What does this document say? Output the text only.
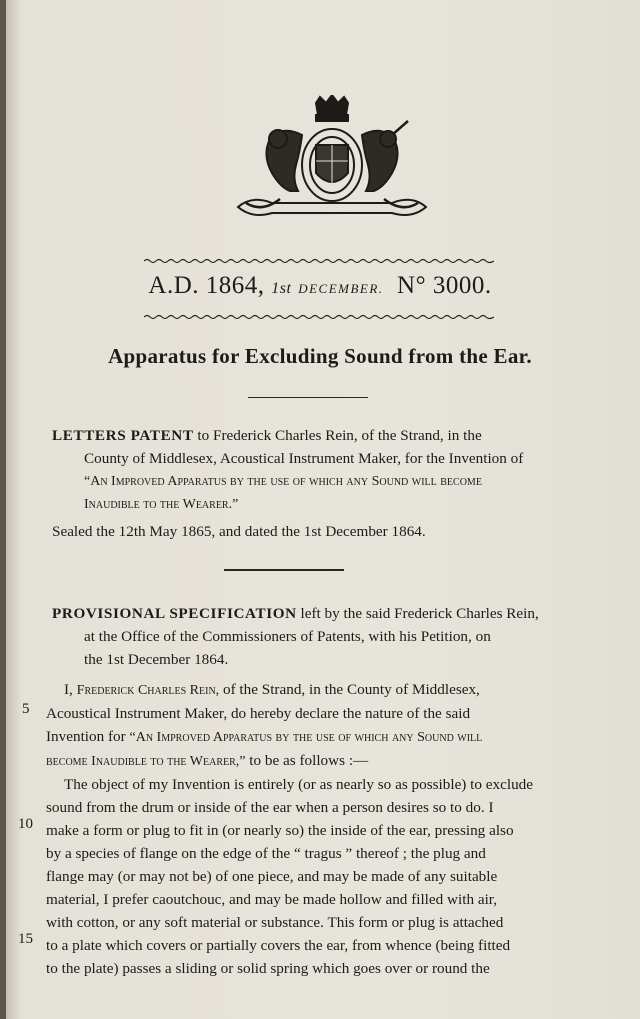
A.D. 1864, 1st DECEMBER. N° 3000.
Apparatus for Excluding Sound from the Ear.
LETTERS PATENT to Frederick Charles Rein, of the Strand, in the
County of Middlesex, Acoustical Instrument Maker, for the Invention of
“An Improved Apparatus by the use of which any Sound will become
Inaudible to the Wearer.”
Sealed the 12th May 1865, and dated the 1st December 1864.
PROVISIONAL SPECIFICATION left by the said Frederick Charles Rein,
at the Office of the Commissioners of Patents, with his Petition, on
the 1st December 1864.
I, Frederick Charles Rein, of the Strand, in the County of Middlesex,
Acoustical Instrument Maker, do hereby declare the nature of the said
Invention for “An Improved Apparatus by the use of which any Sound will
become Inaudible to the Wearer,” to be as follows :—
The object of my Invention is entirely (or as nearly so as possible) to exclude
sound from the drum or inside of the ear when a person desires so to do. I
make a form or plug to fit in (or nearly so) the inside of the ear, pressing also
by a species of flange on the edge of the “ tragus ” thereof ; the plug and
flange may (or may not be) of one piece, and may be made of any suitable
material, I prefer caoutchouc, and may be made hollow and filled with air,
with cotton, or any soft material or substance. This form or plug is attached
to a plate which covers or partially covers the ear, from whence (being fitted
to the plate) passes a sliding or solid spring which goes over or round the
5
10
15
